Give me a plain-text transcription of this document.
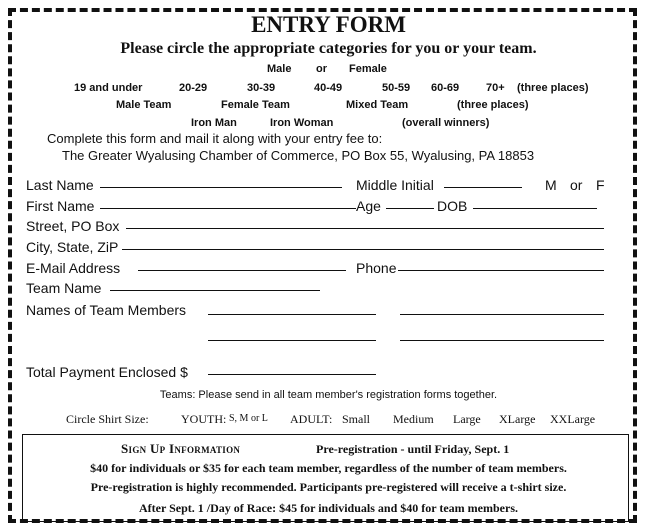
ENTRY FORM
Please circle the appropriate categories for you or your team.
Male or Female
19 and under	20-29	30-39	40-49	50-59 60-69 70+ (three places)
Male Team	Female Team	Mixed Team	(three places)
Iron Man	Iron Woman	(overall winners)
Complete this form and mail it along with your entry fee to:
The Greater Wyalusing Chamber of Commerce, PO Box 55, Wyalusing, PA 18853
Last Name	Middle Initial	M or F
First Name	Age	DOB
Street, PO Box
City, State, ZiP
E-Mail Address	Phone
Team Name
Names of Team Members
Total Payment Enclosed $
Teams: Please send in all team member's registration forms together.
Circle Shirt Size:	YOUTH: S, M or L ADULT: Small Medium Large XLarge XXLarge
Sign Up Information	Pre-registration - until Friday, Sept. 1
$40 for individuals or $35 for each team member, regardless of the number of team members.
Pre-registration is highly recommended. Participants pre-registered will receive a t-shirt size.
After Sept. 1 /Day of Race: $45 for individuals and $40 for team members.
